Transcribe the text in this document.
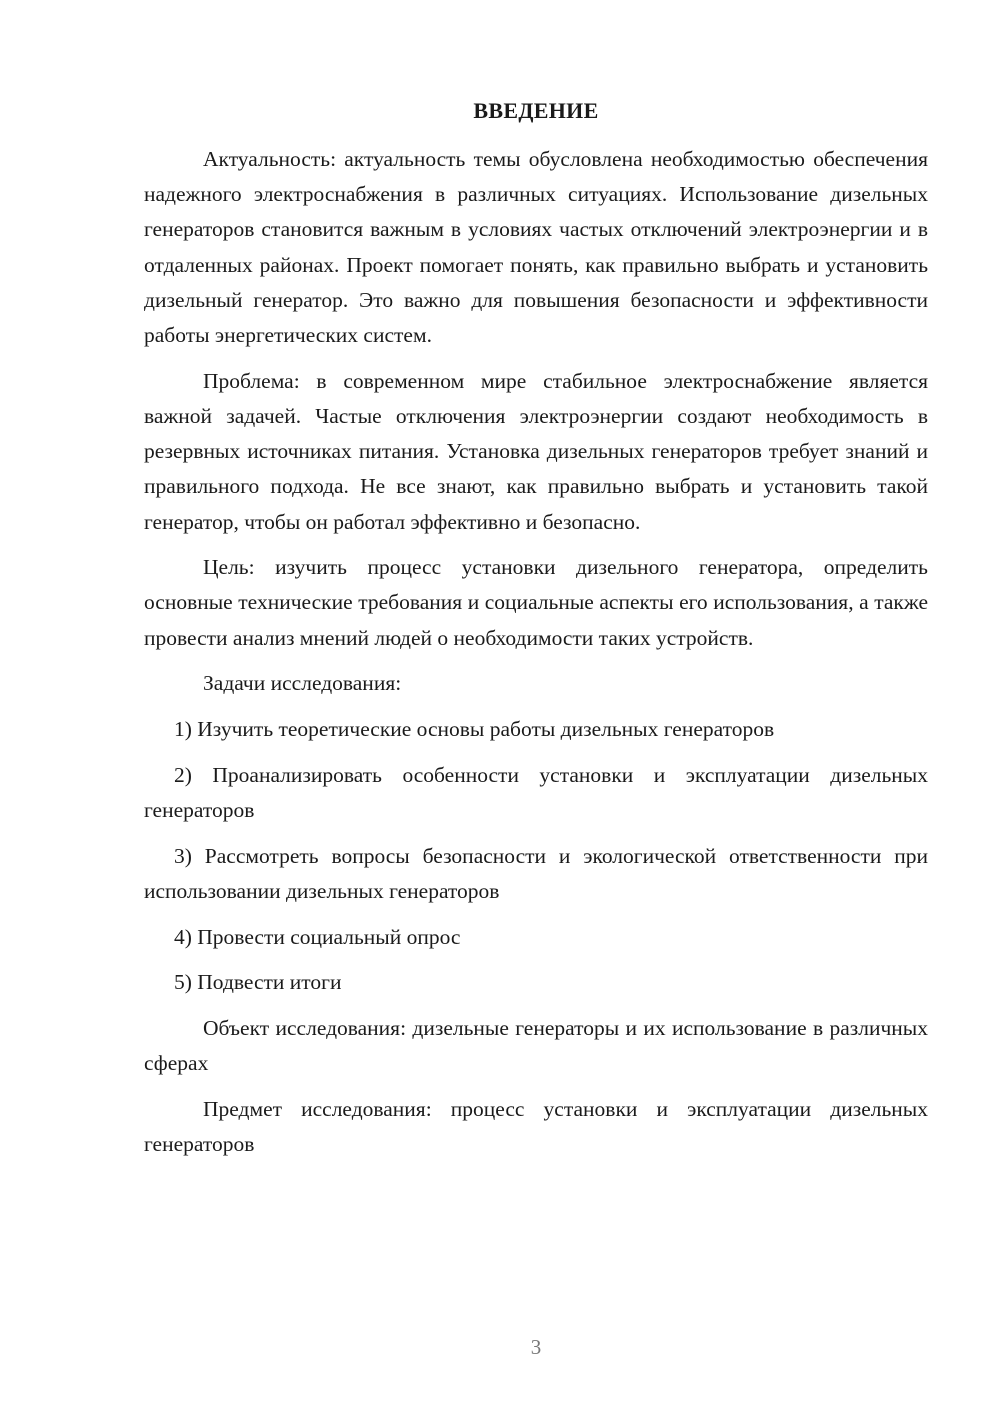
ВВЕДЕНИЕ

Актуальность: актуальность темы обусловлена необходимостью обеспечения надежного электроснабжения в различных ситуациях. Использование дизельных генераторов становится важным в условиях частых отключений электроэнергии и в отдаленных районах. Проект помогает понять, как правильно выбрать и установить дизельный генератор. Это важно для повышения безопасности и эффективности работы энергетических систем.

Проблема: в современном мире стабильное электроснабжение является важной задачей. Частые отключения электроэнергии создают необходимость в резервных источниках питания. Установка дизельных генераторов требует знаний и правильного подхода. Не все знают, как правильно выбрать и установить такой генератор, чтобы он работал эффективно и безопасно.

Цель: изучить процесс установки дизельного генератора, определить основные технические требования и социальные аспекты его использования, а также провести анализ мнений людей о необходимости таких устройств.

Задачи исследования:

1) Изучить теоретические основы работы дизельных генераторов

2) Проанализировать особенности установки и эксплуатации дизельных генераторов

3) Рассмотреть вопросы безопасности и экологической ответственности при использовании дизельных генераторов

4) Провести социальный опрос

5) Подвести итоги

Объект исследования: дизельные генераторы и их использование в различных сферах

Предмет исследования: процесс установки и эксплуатации дизельных генераторов

3
